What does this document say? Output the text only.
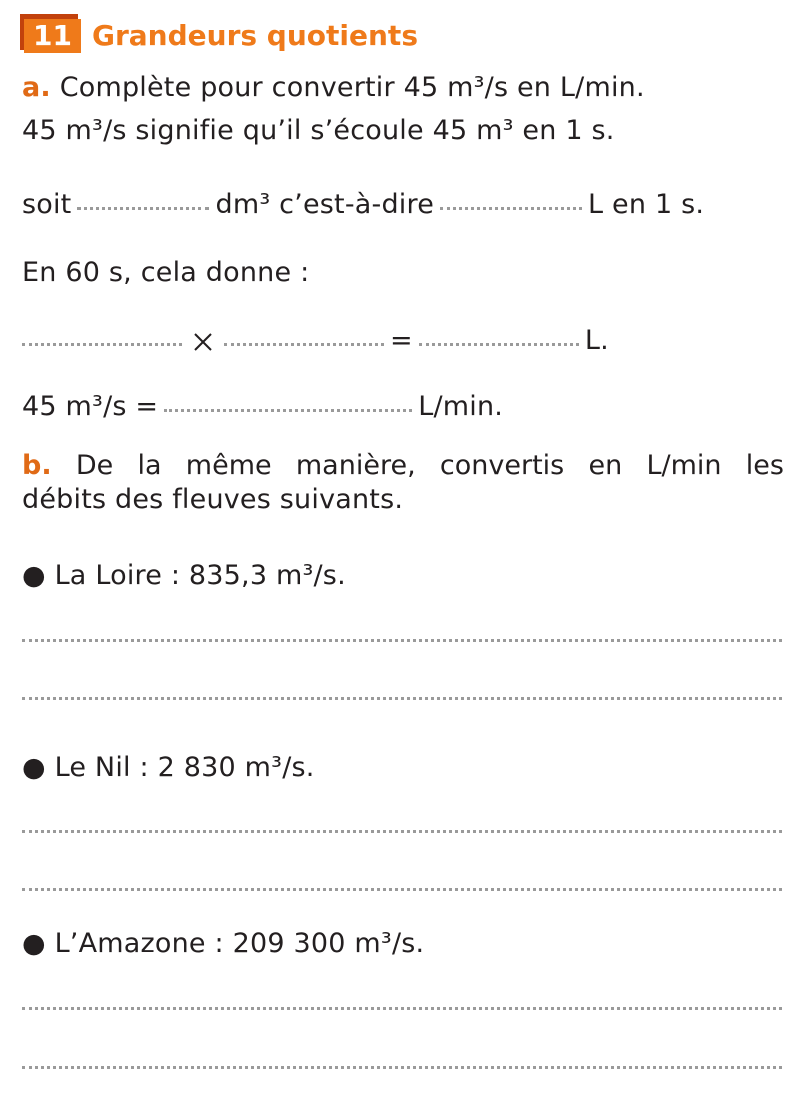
11 Grandeurs quotients
a. Complète pour convertir 45 m³/s en L/min.
45 m³/s signifie qu’il s’écoule 45 m³ en 1 s.
soit	dm³ c’est-à-dire	L en 1 s.
En 60 s, cela donne :
=	L.
45 m³/s =	L/min.
b. De la même manière, convertis en L/min les
débits des fleuves suivants.
● La Loire : 835,3 m³/s.
● Le Nil : 2 830 m³/s.
● L’Amazone : 209 300 m³/s.
